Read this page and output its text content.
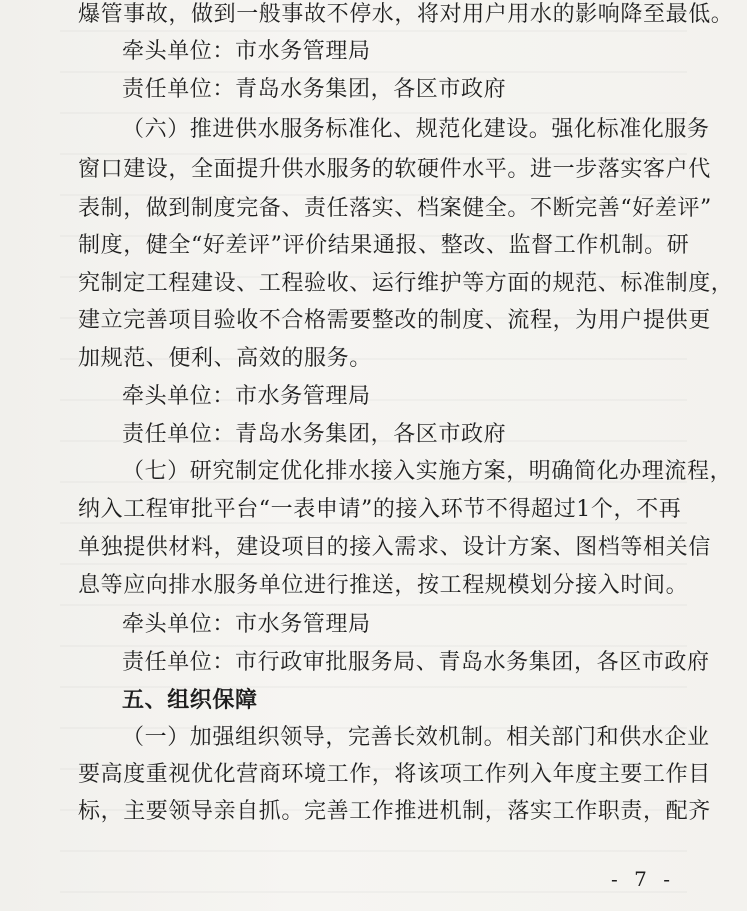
爆管事故，做到一般事故不停水，将对用户用水的影响降至最低。
牵头单位：市水务管理局
责任单位：青岛水务集团，各区市政府
（六）推进供水服务标准化、规范化建设。强化标准化服务
窗口建设，全面提升供水服务的软硬件水平。进一步落实客户代
表制，做到制度完备、责任落实、档案健全。不断完善“好差评”
制度，健全“好差评”评价结果通报、整改、监督工作机制。研
究制定工程建设、工程验收、运行维护等方面的规范、标准制度，
建立完善项目验收不合格需要整改的制度、流程，为用户提供更
加规范、便利、高效的服务。
牵头单位：市水务管理局
责任单位：青岛水务集团，各区市政府
（七）研究制定优化排水接入实施方案，明确简化办理流程，
纳入工程审批平台“一表申请”的接入环节不得超过1个，不再
单独提供材料，建设项目的接入需求、设计方案、图档等相关信
息等应向排水服务单位进行推送，按工程规模划分接入时间。
牵头单位：市水务管理局
责任单位：市行政审批服务局、青岛水务集团，各区市政府
五、组织保障
（一）加强组织领导，完善长效机制。相关部门和供水企业
要高度重视优化营商环境工作，将该项工作列入年度主要工作目
标，主要领导亲自抓。完善工作推进机制，落实工作职责，配齐
- 7 -
